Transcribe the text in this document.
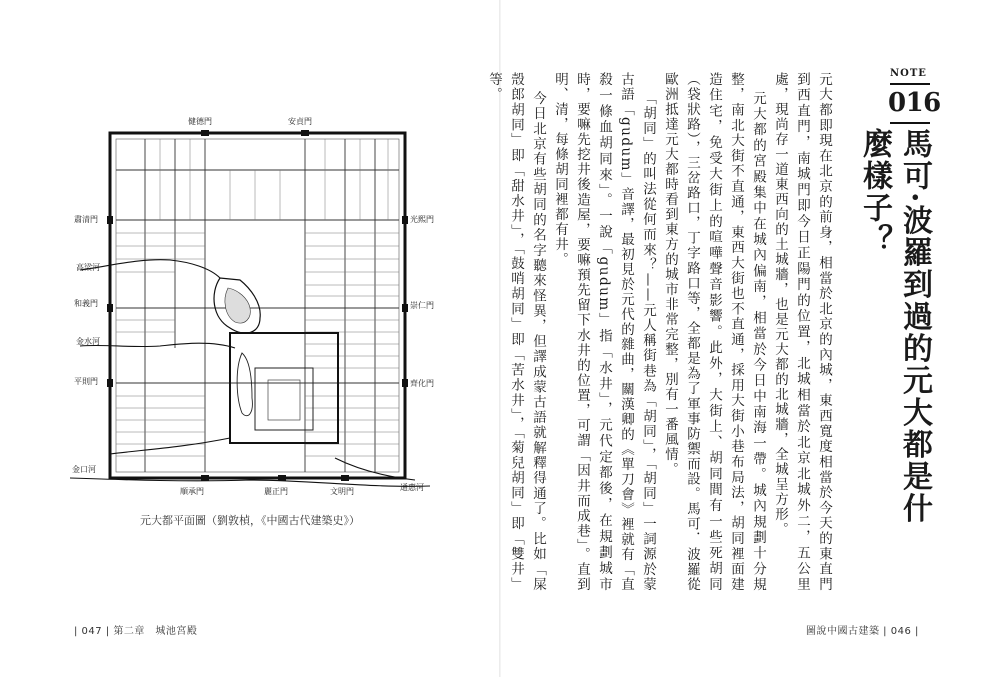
健德門	安貞門
肅清門
和義門
平則門
光熙門
崇仁門
齊化門
順承門	麗正門	文明門
高梁河
金水河
金口河
通惠河
元大都平面圖（劉敦楨，《中國古代建築史》）
| 047 | 第二章　城池宮殿
NOTE
016
馬可·波羅到過的元大都是什麼樣子？

元大都即現在北京的前身，相當於北京的內城，東西寬度相當於今天的東直門到西直門，南城門即今日正陽門的位置，北城相當於北京北城外二，五公里處，現尚存一道東西向的土城牆，也是元大都的北城牆，全城呈方形。

元大都的宮殿集中在城內偏南，相當於今日中南海一帶。城內規劃十分規整，南北大街不直通，東西大街也不直通，採用大街小巷布局法，胡同裡面建造住宅，免受大街上的喧嘩聲音影響。此外，大街上、胡同間有一些死胡同（袋狀路），三岔路口，丁字路口等，全都是為了軍事防禦而設。馬可．波羅從歐洲抵達元大都時看到東方的城市非常完整，別有一番風情。

「胡同」的叫法從何而來？——元人稱街巷為「胡同」，「胡同」一詞源於蒙古語「gudum」音譯，最初見於元代的雜曲，關漢卿的《單刀會》裡就有「直殺一條血胡同來」。一說「gudum」指「水井」，元代定都後，在規劃城市時，要嘛先挖井後造屋，要嘛預先留下水井的位置，可謂「因井而成巷」。直到明、清，每條胡同裡都有井。

今日北京有些胡同的名字聽來怪異，但譯成蒙古語就解釋得通了。比如「屎殼郎胡同」即「甜水井」，「鼓哨胡同」即「苦水井」，「菊兒胡同」即「雙井」等。

圖說中國古建築 | 046 |
